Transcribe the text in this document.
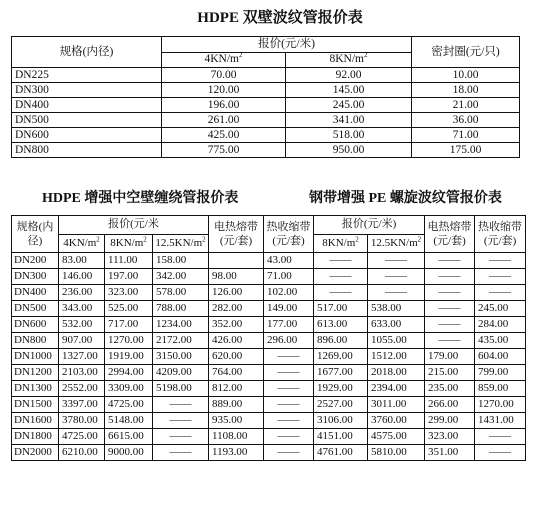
HDPE 双壁波纹管报价表
规格(内径)	报价(元/米)		密封圈(元/只)
	$4KN/m^2$	$8KN/m^2$
DN225	70.00	92.00	10.00
DN300	120.00	145.00	18.00
DN400	196.00	245.00	21.00
DN500	261.00	341.00	36.00
DN600	425.00	518.00	71.00
DN800	775.00	950.00	175.00
HDPE 增强中空壁缠绕管报价表	钢带增强 PE 螺旋波纹管报价表
规格(内径)	报价(元/米			电热熔带(元/套)	热收缩带(元/套)	报价(元/米)		电热熔带(元/套)	热收缩带(元/套)
	$4KN/m^2$	$8KN/m^2$	$12.5KN/m^2$			$8KN/m^2$	$12.5KN/m^2$
DN200	83.00	111.00	158.00		43.00	——	——	——	——
DN300	146.00	197.00	342.00	98.00	71.00	——	——	——	——
DN400	236.00	323.00	578.00	126.00	102.00	——	——	——	——
DN500	343.00	525.00	788.00	282.00	149.00	517.00	538.00	——	245.00
DN600	532.00	717.00	1234.00	352.00	177.00	613.00	633.00	——	284.00
DN800	907.00	1270.00	2172.00	426.00	296.00	896.00	1055.00	——	435.00
DN1000	1327.00	1919.00	3150.00	620.00	——	1269.00	1512.00	179.00	604.00
DN1200	2103.00	2994.00	4209.00	764.00	——	1677.00	2018.00	215.00	799.00
DN1300	2552.00	3309.00	5198.00	812.00	——	1929.00	2394.00	235.00	859.00
DN1500	3397.00	4725.00	——	889.00	——	2527.00	3011.00	266.00	1270.00
DN1600	3780.00	5148.00	——	935.00	——	3106.00	3760.00	299.00	1431.00
DN1800	4725.00	6615.00	——	1108.00	——	4151.00	4575.00	323.00	——
DN2000	6210.00	9000.00	——	1193.00	——	4761.00	5810.00	351.00	——
